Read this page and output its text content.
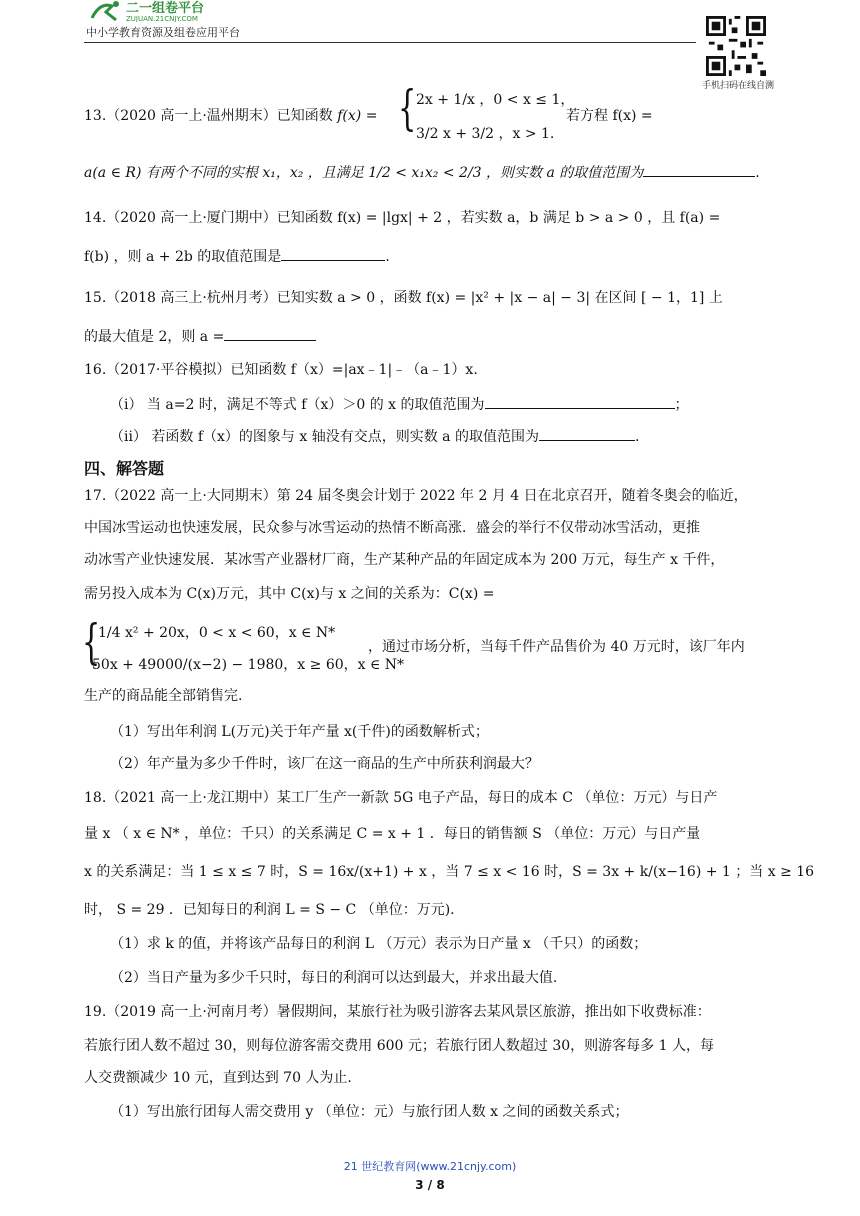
二一组卷平台
ZUJUAN.21CNJY.COM
中小学教育资源及组卷应用平台
手机扫码在线自测
13.（2020 高一上·温州期末）已知函数 f(x) = { 2x + 1/x ，0 < x ≤ 1，
3/2 x + 3/2 ，x > 1.
若方程 f(x) =
a(a ∈ R) 有两个不同的实根 x₁，x₂ ，且满足 1/2 < x₁x₂ < 2/3 ，则实数 a 的取值范围为	.
14.（2020 高一上·厦门期中）已知函数 f(x) = |lgx| + 2 ，若实数 a，b 满足 b > a > 0 ，且 f(a) =
f(b) ，则 a + 2b 的取值范围是	.
15.（2018 高三上·杭州月考）已知实数 a > 0 ，函数 f(x) = |x² + |x − a| − 3| 在区间 [ − 1，1] 上
的最大值是 2，则 a =
16.（2017·平谷模拟）已知函数 f（x）=|ax﹣1|﹣（a﹣1）x.
（i） 当 a=2 时，满足不等式 f（x）＞0 的 x 的取值范围为	；
（ii） 若函数 f（x）的图象与 x 轴没有交点，则实数 a 的取值范围为	.
四、解答题
17.（2022 高一上·大同期末）第 24 届冬奥会计划于 2022 年 2 月 4 日在北京召开，随着冬奥会的临近，
中国冰雪运动也快速发展，民众参与冰雪运动的热情不断高涨．盛会的举行不仅带动冰雪活动，更推
动冰雪产业快速发展．某冰雪产业器材厂商，生产某种产品的年固定成本为 200 万元，每生产 x 千件，
需另投入成本为 C(x)万元，其中 C(x)与 x 之间的关系为：C(x) =
{
1/4 x² + 20x，0 < x < 60，x ∈ N*
50x + 49000/(x−2) − 1980，x ≥ 60，x ∈ N*
，通过市场分析，当每千件产品售价为 40 万元时，该厂年内
生产的商品能全部销售完.
（1）写出年利润 L(万元)关于年产量 x(千件)的函数解析式；
（2）年产量为多少千件时，该厂在这一商品的生产中所获利润最大？
18.（2021 高一上·龙江期中）某工厂生产一新款 5G 电子产品，每日的成本 C （单位：万元）与日产
量 x （ x ∈ N* ，单位：千只）的关系满足 C = x + 1 ．每日的销售额 S （单位：万元）与日产量
x 的关系满足：当 1 ≤ x ≤ 7 时，S = 16x/(x+1) + x ，当 7 ≤ x < 16 时，S = 3x + k/(x−16) + 1 ；当 x ≥ 16
时， S = 29 ．已知每日的利润 L = S − C （单位：万元).
（1）求 k 的值，并将该产品每日的利润 L （万元）表示为日产量 x （千只）的函数；
（2）当日产量为多少千只时，每日的利润可以达到最大，并求出最大值.
19.（2019 高一上·河南月考）暑假期间，某旅行社为吸引游客去某风景区旅游，推出如下收费标准：
若旅行团人数不超过 30，则每位游客需交费用 600 元；若旅行团人数超过 30，则游客每多 1 人，每
人交费额减少 10 元，直到达到 70 人为止.
（1）写出旅行团每人需交费用 y （单位：元）与旅行团人数 x 之间的函数关系式；
21 世纪教育网(www.21cnjy.com)
3 / 8
